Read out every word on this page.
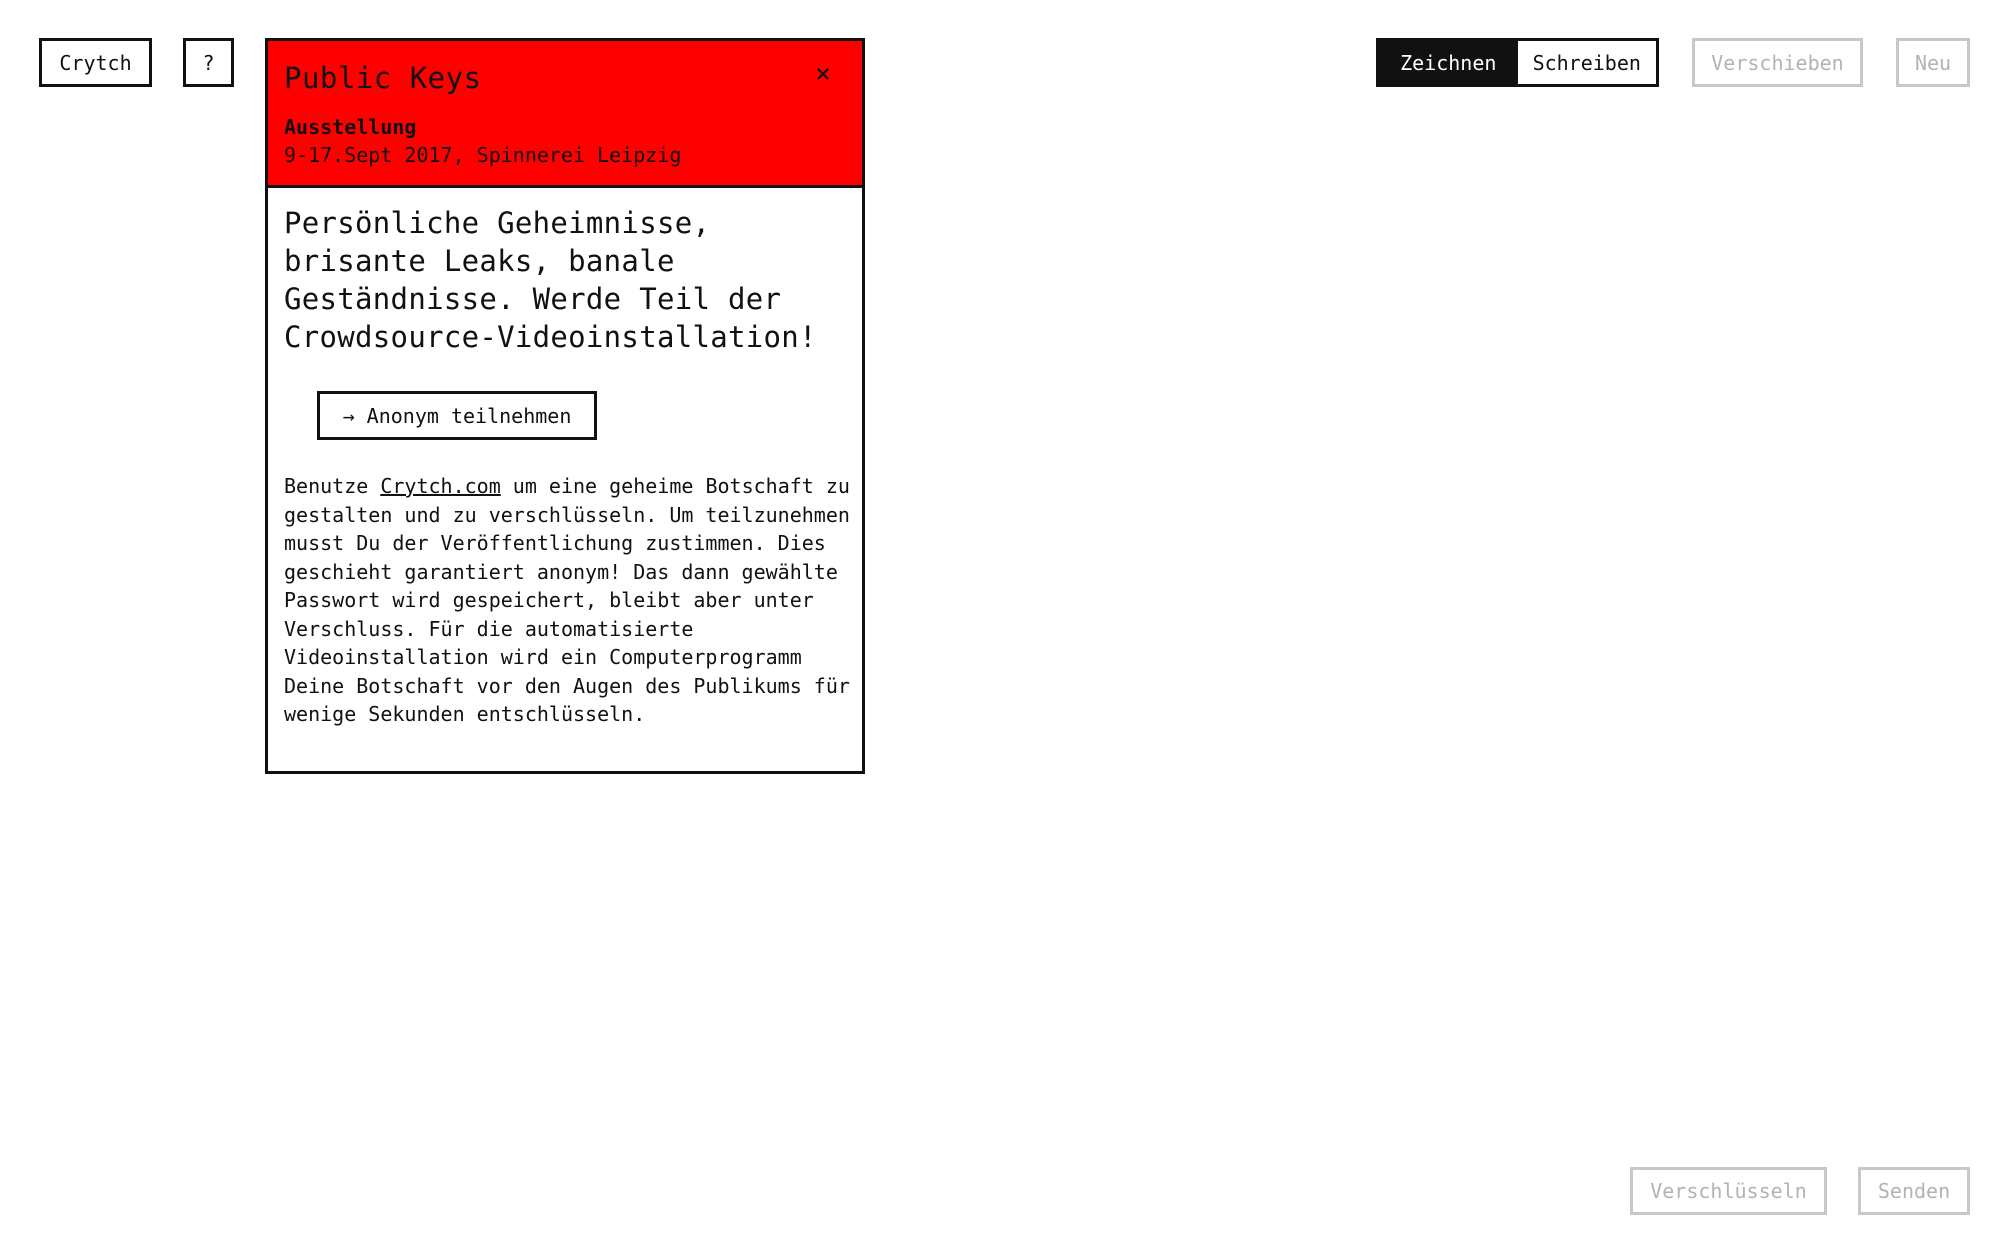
Crytch	?	Zeichnen	Schreiben	Verschieben	Neu
Verschlüsseln	Senden
Public Keys	×
Ausstellung
9-17.Sept 2017, Spinnerei Leipzig
Persönliche Geheimnisse, brisante Leaks, banale Geständnisse. Werde Teil der Crowdsource-Videoinstallation!
→ Anonym teilnehmen
Benutze Crytch.com um eine geheime Botschaft zu gestalten und zu verschlüsseln. Um teilzunehmen musst Du der Veröffentlichung zustimmen. Dies geschieht garantiert anonym! Das dann gewählte Passwort wird gespeichert, bleibt aber unter Verschluss. Für die automatisierte Videoinstallation wird ein Computerprogramm Deine Botschaft vor den Augen des Publikums für wenige Sekunden entschlüsseln.
